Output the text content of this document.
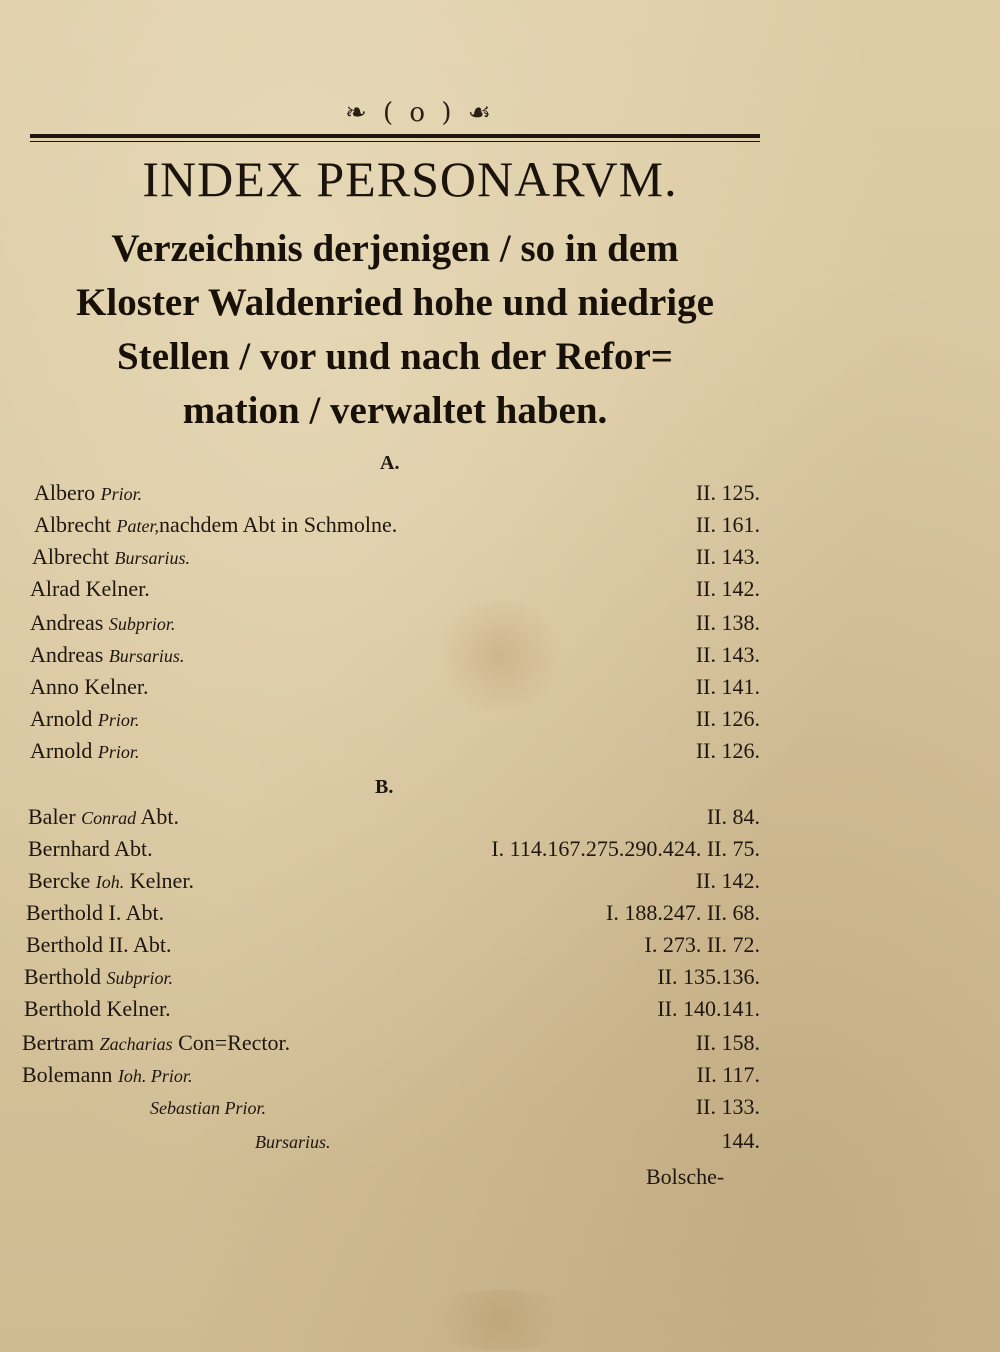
❧ ( o ) ☙
INDEX PERSONARVM.
Verzeichnis derjenigen / so in dem
Kloster Waldenried hohe und niedrige
Stellen / vor und nach der Refor=
mation / verwaltet haben.
A.
Albero Prior.	II. 125.
Albrecht Pater,nachdem Abt in Schmolne.	II. 161.
Albrecht Bursarius.	II. 143.
Alrad Kelner.	II. 142.
Andreas Subprior.	II. 138.
Andreas Bursarius.	II. 143.
Anno Kelner.	II. 141.
Arnold Prior.	II. 126.
Arnold Prior.	II. 126.
B.
Baler Conrad Abt.	II. 84.
Bernhard Abt.	I. 114.167.275.290.424. II. 75.
Bercke Ioh. Kelner.	II. 142.
Berthold I. Abt.	I. 188.247. II. 68.
Berthold II. Abt.	I. 273. II. 72.
Berthold Subprior.	II. 135.136.
Berthold Kelner.	II. 140.141.
Bertram Zacharias Con=Rector.	II. 158.
Bolemann Ioh. Prior.	II. 117.
Sebastian Prior.	II. 133.
Bursarius.	144.
Bolsche-
